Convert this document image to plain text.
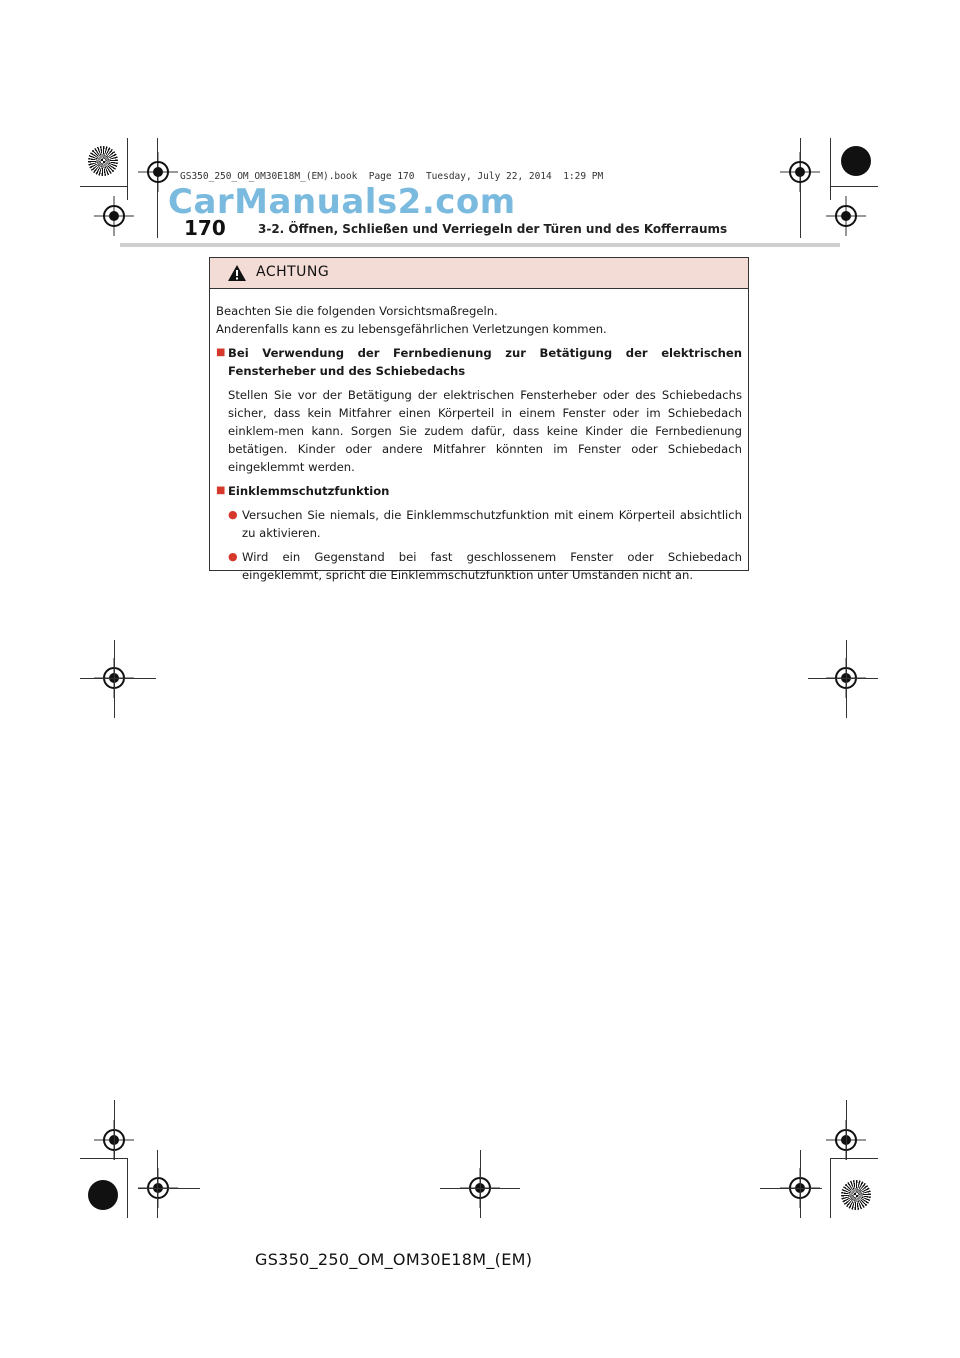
GS350_250_OM_OM30E18M_(EM).book  Page 170  Tuesday, July 22, 2014  1:29 PM
CarManuals2.com
170	3-2. Öffnen, Schließen und Verriegeln der Türen und des Kofferraums
ACHTUNG

Beachten Sie die folgenden Vorsichtsmaßregeln.

Anderenfalls kann es zu lebensgefährlichen Verletzungen kommen.

■ Bei Verwendung der Fernbedienung zur Betätigung der elektrischen Fensterheber und des Schiebedachs

Stellen Sie vor der Betätigung der elektrischen Fensterheber oder des Schiebedachs sicher, dass kein Mitfahrer einen Körperteil in einem Fenster oder im Schiebedach einklem-men kann. Sorgen Sie zudem dafür, dass keine Kinder die Fernbedienung betätigen. Kinder oder andere Mitfahrer könnten im Fenster oder Schiebedach eingeklemmt werden.

■ Einklemmschutzfunktion
● Versuchen Sie niemals, die Einklemmschutzfunktion mit einem Körperteil absichtlich zu aktivieren.
● Wird ein Gegenstand bei fast geschlossenem Fenster oder Schiebedach eingeklemmt, spricht die Einklemmschutzfunktion unter Umständen nicht an.
GS350_250_OM_OM30E18M_(EM)
